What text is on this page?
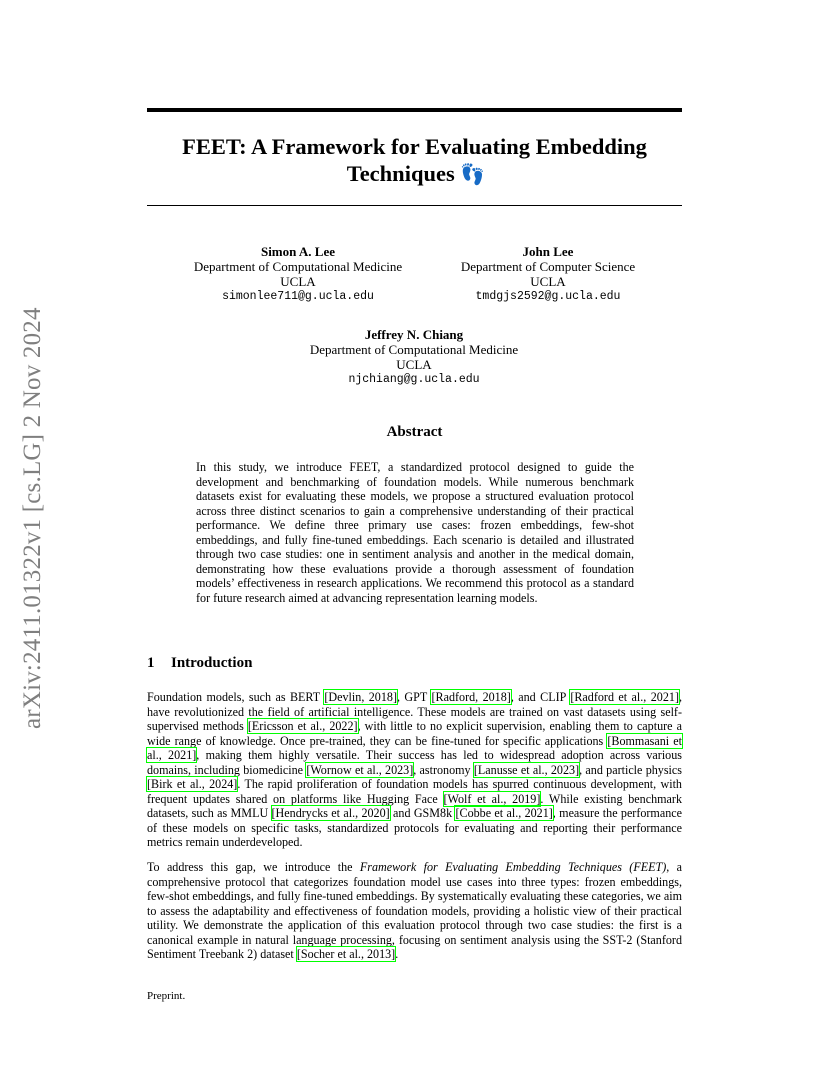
arXiv:2411.01322v1 [cs.LG] 2 Nov 2024
FEET: A Framework for Evaluating Embedding Techniques 👣
Simon A. Lee
Department of Computational Medicine
UCLA
simonlee711@g.ucla.edu
John Lee
Department of Computer Science
UCLA
tmdgjs2592@g.ucla.edu
Jeffrey N. Chiang
Department of Computational Medicine
UCLA
njchiang@g.ucla.edu
Abstract
In this study, we introduce FEET, a standardized protocol designed to guide the development and benchmarking of foundation models. While numerous benchmark datasets exist for evaluating these models, we propose a structured evaluation protocol across three distinct scenarios to gain a comprehensive understanding of their practical performance. We define three primary use cases: frozen embeddings, few-shot embeddings, and fully fine-tuned embeddings. Each scenario is detailed and illustrated through two case studies: one in sentiment analysis and another in the medical domain, demonstrating how these evaluations provide a thorough assessment of foundation models’ effectiveness in research applications. We recommend this protocol as a standard for future research aimed at advancing representation learning models.
1 Introduction
Foundation models, such as BERT [Devlin, 2018], GPT [Radford, 2018], and CLIP [Radford et al., 2021], have revolutionized the field of artificial intelligence. These models are trained on vast datasets using self-supervised methods [Ericsson et al., 2022], with little to no explicit supervision, enabling them to capture a wide range of knowledge. Once pre-trained, they can be fine-tuned for specific applications [Bommasani et al., 2021], making them highly versatile. Their success has led to widespread adoption across various domains, including biomedicine [Wornow et al., 2023], astronomy [Lanusse et al., 2023], and particle physics [Birk et al., 2024]. The rapid proliferation of foundation models has spurred continuous development, with frequent updates shared on platforms like Hugging Face [Wolf et al., 2019]. While existing benchmark datasets, such as MMLU [Hendrycks et al., 2020] and GSM8k [Cobbe et al., 2021], measure the performance of these models on specific tasks, standardized protocols for evaluating and reporting their performance metrics remain underdeveloped.
To address this gap, we introduce the Framework for Evaluating Embedding Techniques (FEET), a comprehensive protocol that categorizes foundation model use cases into three types: frozen embeddings, few-shot embeddings, and fully fine-tuned embeddings. By systematically evaluating these categories, we aim to assess the adaptability and effectiveness of foundation models, providing a holistic view of their practical utility. We demonstrate the application of this evaluation protocol through two case studies: the first is a canonical example in natural language processing, focusing on sentiment analysis using the SST-2 (Stanford Sentiment Treebank 2) dataset [Socher et al., 2013].
Preprint.
